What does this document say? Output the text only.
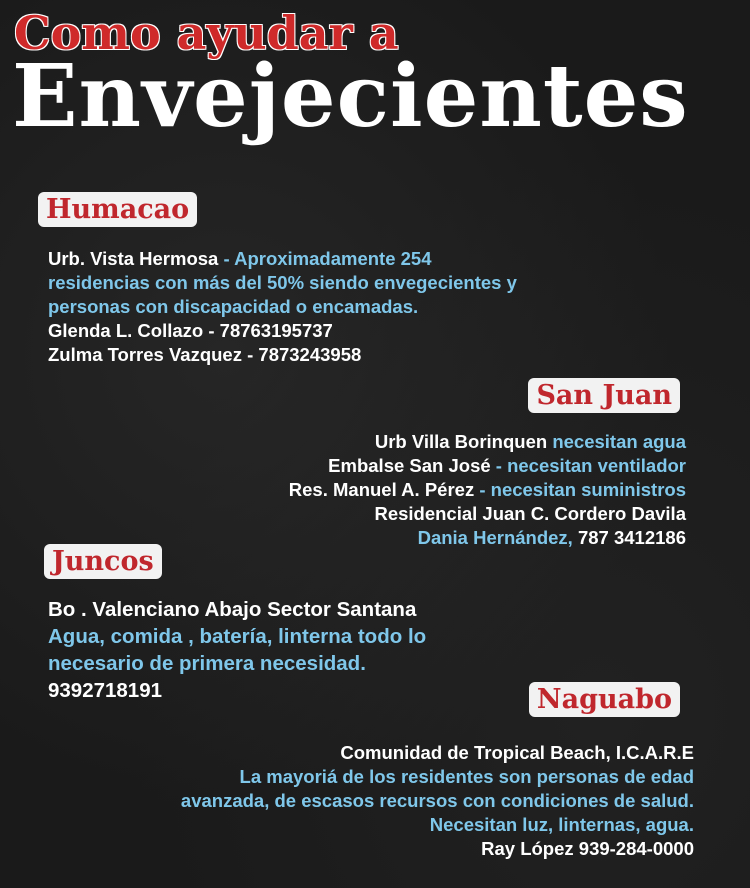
Como ayudar a
Envejecientes
Humacao
Urb. Vista Hermosa - Aproximadamente 254
residencias con más del 50% siendo envegecientes y
personas con discapacidad o encamadas.
Glenda L. Collazo - 78763195737
Zulma Torres Vazquez - 7873243958
San Juan
Urb Villa Borinquen necesitan agua
Embalse San José - necesitan ventilador
Res. Manuel A. Pérez - necesitan suministros
Residencial Juan C. Cordero Davila
Dania Hernández, 787 3412186
Juncos
Bo . Valenciano Abajo Sector Santana
Agua, comida , batería, linterna todo lo
necesario de primera necesidad.
9392718191	Naguabo
Comunidad de Tropical Beach, I.C.A.R.E
La mayoriá de los residentes son personas de edad
avanzada, de escasos recursos con condiciones de salud.
Necesitan luz, linternas, agua.
Ray López 939-284-0000
